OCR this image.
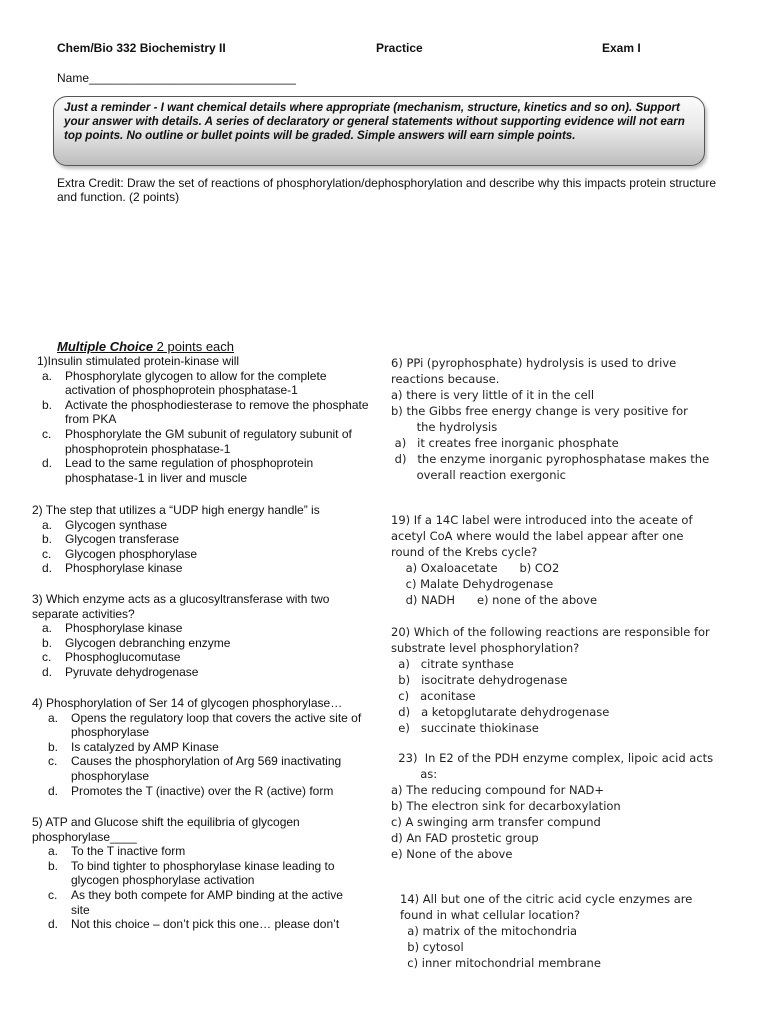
Chem/Bio 332 Biochemistry II	Practice	Exam I
Name_______________________________

Just a reminder - I want chemical details where appropriate (mechanism, structure, kinetics and so on). Support your answer with details. A series of declaratory or general statements without supporting evidence will not earn top points. No outline or bullet points will be graded. Simple answers will earn simple points.

Extra Credit: Draw the set of reactions of phosphorylation/dephosphorylation and describe why this impacts protein structure and function. (2 points)
Multiple Choice 2 points each
1)Insulin stimulated protein-kinase will
a. Phosphorylate glycogen to allow for the complete activation of phosphoprotein phosphatase-1
b. Activate the phosphodiesterase to remove the phosphate from PKA
c. Phosphorylate the GM subunit of regulatory subunit of phosphoprotein phosphatase-1
d. Lead to the same regulation of phosphoprotein phosphatase-1 in liver and muscle
2) The step that utilizes a “UDP high energy handle” is
a. Glycogen synthase
b. Glycogen transferase
c. Glycogen phosphorylase
d. Phosphorylase kinase
3) Which enzyme acts as a glucosyltransferase with two separate activities?
a. Phosphorylase kinase
b. Glycogen debranching enzyme
c. Phosphoglucomutase
d. Pyruvate dehydrogenase
4) Phosphorylation of Ser 14 of glycogen phosphorylase…
a. Opens the regulatory loop that covers the active site of phosphorylase
b. Is catalyzed by AMP Kinase
c. Causes the phosphorylation of Arg 569 inactivating phosphorylase
d. Promotes the T (inactive) over the R (active) form
5) ATP and Glucose shift the equilibria of glycogen phosphorylase____
a. To the T inactive form
b. To bind tighter to phosphorylase kinase leading to glycogen phosphorylase activation
c. As they both compete for AMP binding at the active site
d. Not this choice – don’t pick this one… please don’t
6) PPi (pyrophosphate) hydrolysis is used to drive
reactions because.
a) there is very little of it in the cell
b) the Gibbs free energy change is very positive for
the hydrolysis
a)   it creates free inorganic phosphate
d)   the enzyme inorganic pyrophosphatase makes the
overall reaction exergonic
19) If a 14C label were introduced into the aceate of
acetyl CoA where would the label appear after one
round of the Krebs cycle?
a) Oxaloacetate      b) CO2
c) Malate Dehydrogenase
d) NADH      e) none of the above
20) Which of the following reactions are responsible for
substrate level phosphorylation?
a)   citrate synthase
b)   isocitrate dehydrogenase
c)   aconitase
d)   a ketopglutarate dehydrogenase
e)   succinate thiokinase
23)  In E2 of the PDH enzyme complex, lipoic acid acts
as:
a) The reducing compound for NAD+
b) The electron sink for decarboxylation
c) A swinging arm transfer compund
d) An FAD prostetic group
e) None of the above
14) All but one of the citric acid cycle enzymes are
found in what cellular location?
a) matrix of the mitochondria
b) cytosol
c) inner mitochondrial membrane
